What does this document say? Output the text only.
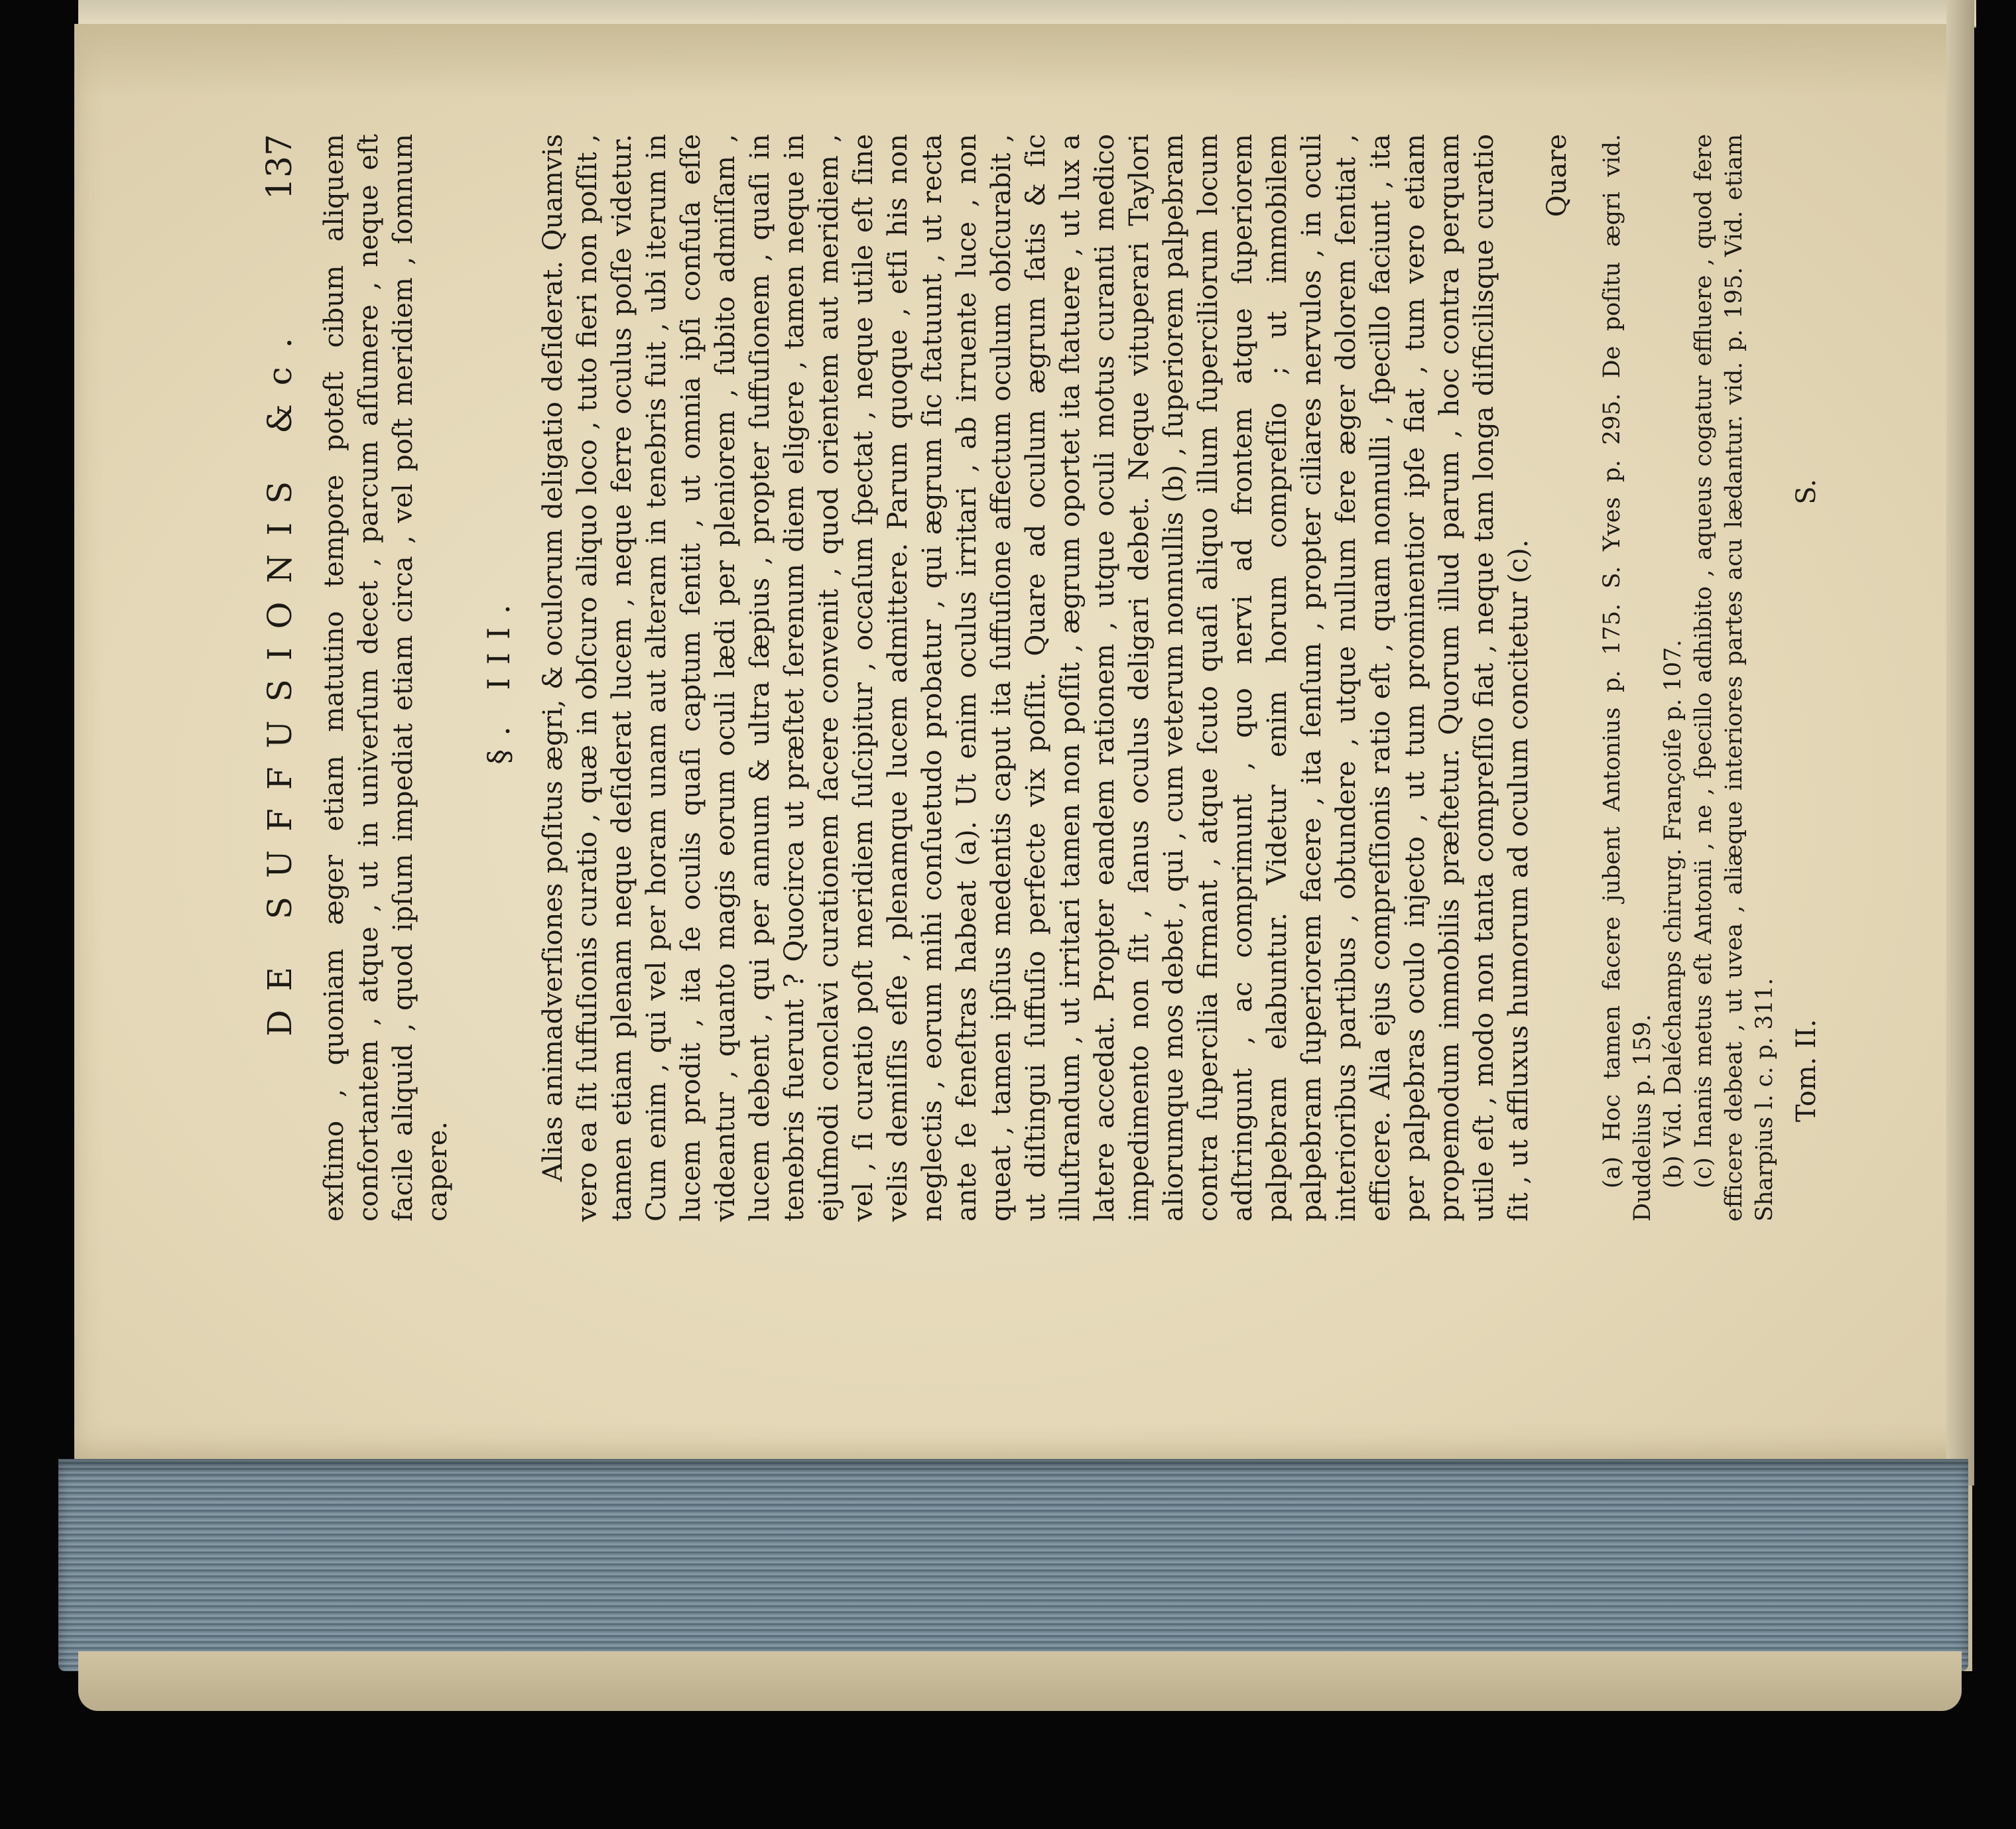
DE SUFFUSIONIS &c.
137 exſtimo , quoniam æger etiam matutino tempore poteſt cibum aliquem confortantem , atque , ut in univerſum decet , parcum aſſumere , neque eſt facile aliquid , quod ipſum impediat etiam circa , vel poſt meridiem , ſomnum capere.

§. III. Alias animadverſiones poſitus ægri, & oculorum deligatio deſiderat. Quamvis vero ea ſit ſuffuſionis curatio , quæ in obſcuro aliquo loco , tuto fieri non poſſit , tamen etiam plenam neque deſiderat lucem , neque ferre oculus poſſe videtur. Cum enim , qui vel per horam unam aut alteram in tenebris fuit , ubi iterum in lucem prodit , ita ſe oculis quaſi captum ſentit , ut omnia ipſi confuſa eſſe videantur , quanto magis eorum oculi lædi per pleniorem , ſubito admiſſam , lucem debent , qui per annum & ultra ſæpius , propter ſuffuſionem , quaſi in tenebris fuerunt ? Quocirca ut præſtet ſerenum diem eligere , tamen neque in ejuſmodi conclavi curationem ſacere convenit , quod orientem aut meridiem , vel , ſi curatio poſt meridiem ſuſcipitur , occaſum ſpectat , neque utile eſt ſine velis demiſſis eſſe , plenamque lucem admittere. Parum quoque , etſi his non neglectis , eorum mihi conſuetudo probatur , qui ægrum ſic ſtatuunt , ut recta ante ſe feneſtras habeat (a). Ut enim oculus irritari , ab irruente luce , non queat , tamen ipſius medentis caput ita ſuffuſione affectum oculum obſcurabit , ut diſtingui ſuffuſio perfecte vix poſſit. Quare ad oculum ægrum ſatis & ſic illuſtrandum , ut irritari tamen non poſſit , ægrum oportet ita ſtatuere , ut lux a latere accedat. Propter eandem rationem , utque oculi motus curanti medico impedimento non ſit , ſanus oculus deligari debet. Neque vituperari Taylori aliorumque mos debet , qui , cum veterum nonnullis (b) , ſuperiorem palpebram contra ſupercilia firmant , atque ſcuto quaſi aliquo illum ſuperciliorum locum adſtringunt , ac comprimunt , quo nervi ad frontem atque ſuperiorem palpebram elabuntur. Videtur enim horum compreſſio ; ut immobilem palpebram ſuperiorem facere , ita ſenſum , propter ciliares nervulos , in oculi interioribus partibus , obtundere , utque nullum fere æger dolorem ſentiat , efficere. Alia ejus compreſſionis ratio eſt , quam nonnulli , ſpecillo faciunt , ita per palpebras oculo injecto , ut tum prominentior ipſe fiat , tum vero etiam propemodum immobilis præſtetur. Quorum illud parum , hoc contra perquam utile eſt , modo non tanta compreſſio fiat , neque tam longa diſficilisque curatio ſit , ut affluxus humorum ad oculum concitetur (c).

Quare (a) Hoc tamen facere jubent Antonius p. 175. S. Yves p. 295. De poſitu ægri vid. Duddelius p. 159. (b) Vid. Daléchamps chirurg. Françoiſe p. 107. (c) Inanis metus eſt Antonii , ne , ſpecillo adhibito , aqueus cogatur effluere , quod fere efficere debeat , ut uvea , aliæque interiores partes acu lædantur. vid. p. 195. Vid. etiam Sharpius l. c. p. 311. Tom. II.
S.
